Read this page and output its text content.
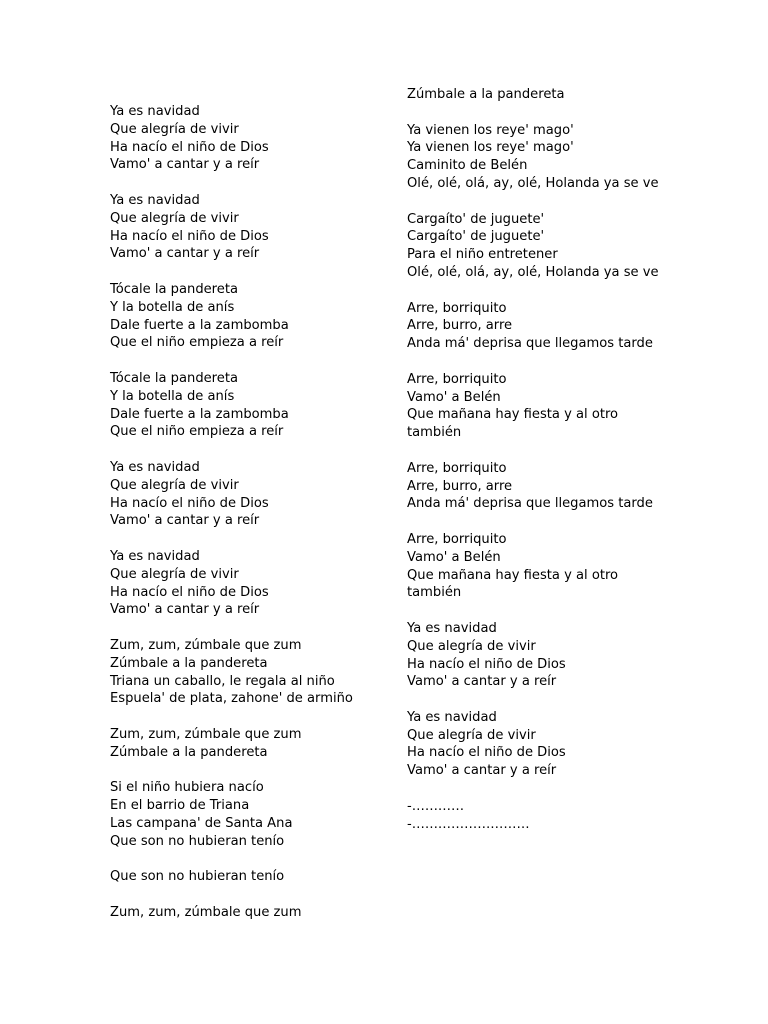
Ya es navidad
Que alegría de vivir
Ha nacío el niño de Dios
Vamo' a cantar y a reír
Ya es navidad
Que alegría de vivir
Ha nacío el niño de Dios
Vamo' a cantar y a reír
Tócale la pandereta
Y la botella de anís
Dale fuerte a la zambomba
Que el niño empieza a reír
Tócale la pandereta
Y la botella de anís
Dale fuerte a la zambomba
Que el niño empieza a reír
Ya es navidad
Que alegría de vivir
Ha nacío el niño de Dios
Vamo' a cantar y a reír
Ya es navidad
Que alegría de vivir
Ha nacío el niño de Dios
Vamo' a cantar y a reír
Zum, zum, zúmbale que zum
Zúmbale a la pandereta
Triana un caballo, le regala al niño
Espuela' de plata, zahone' de armiño
Zum, zum, zúmbale que zum
Zúmbale a la pandereta
Si el niño hubiera nacío
En el barrio de Triana
Las campana' de Santa Ana
Que son no hubieran tenío
Que son no hubieran tenío
Zum, zum, zúmbale que zum
Zúmbale a la pandereta
Ya vienen los reye' mago'
Ya vienen los reye' mago'
Caminito de Belén
Olé, olé, olá, ay, olé, Holanda ya se ve
Cargaíto' de juguete'
Cargaíto' de juguete'
Para el niño entretener
Olé, olé, olá, ay, olé, Holanda ya se ve
Arre, borriquito
Arre, burro, arre
Anda má' deprisa que llegamos tarde
Arre, borriquito
Vamo' a Belén
Que mañana hay fiesta y al otro
también
Arre, borriquito
Arre, burro, arre
Anda má' deprisa que llegamos tarde
Arre, borriquito
Vamo' a Belén
Que mañana hay fiesta y al otro
también
Ya es navidad
Que alegría de vivir
Ha nacío el niño de Dios
Vamo' a cantar y a reír
Ya es navidad
Que alegría de vivir
Ha nacío el niño de Dios
Vamo' a cantar y a reír
-…………
-………………………
